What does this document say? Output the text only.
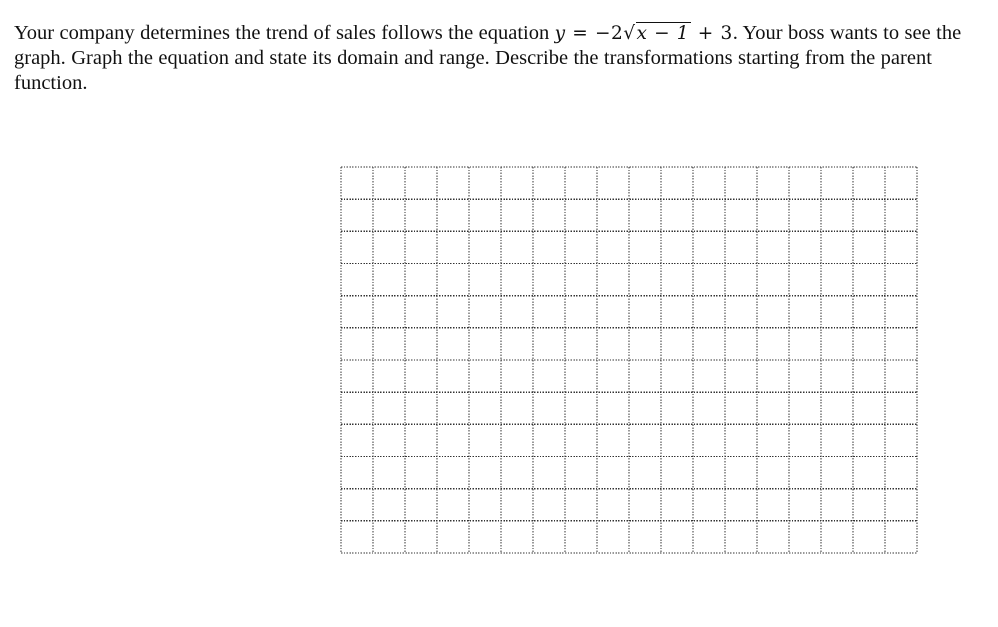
Your company determines the trend of sales follows the equation y = −2√x − 1 + 3. Your boss wants to see the graph. Graph the equation and state its domain and range. Describe the transformations starting from the parent function.
